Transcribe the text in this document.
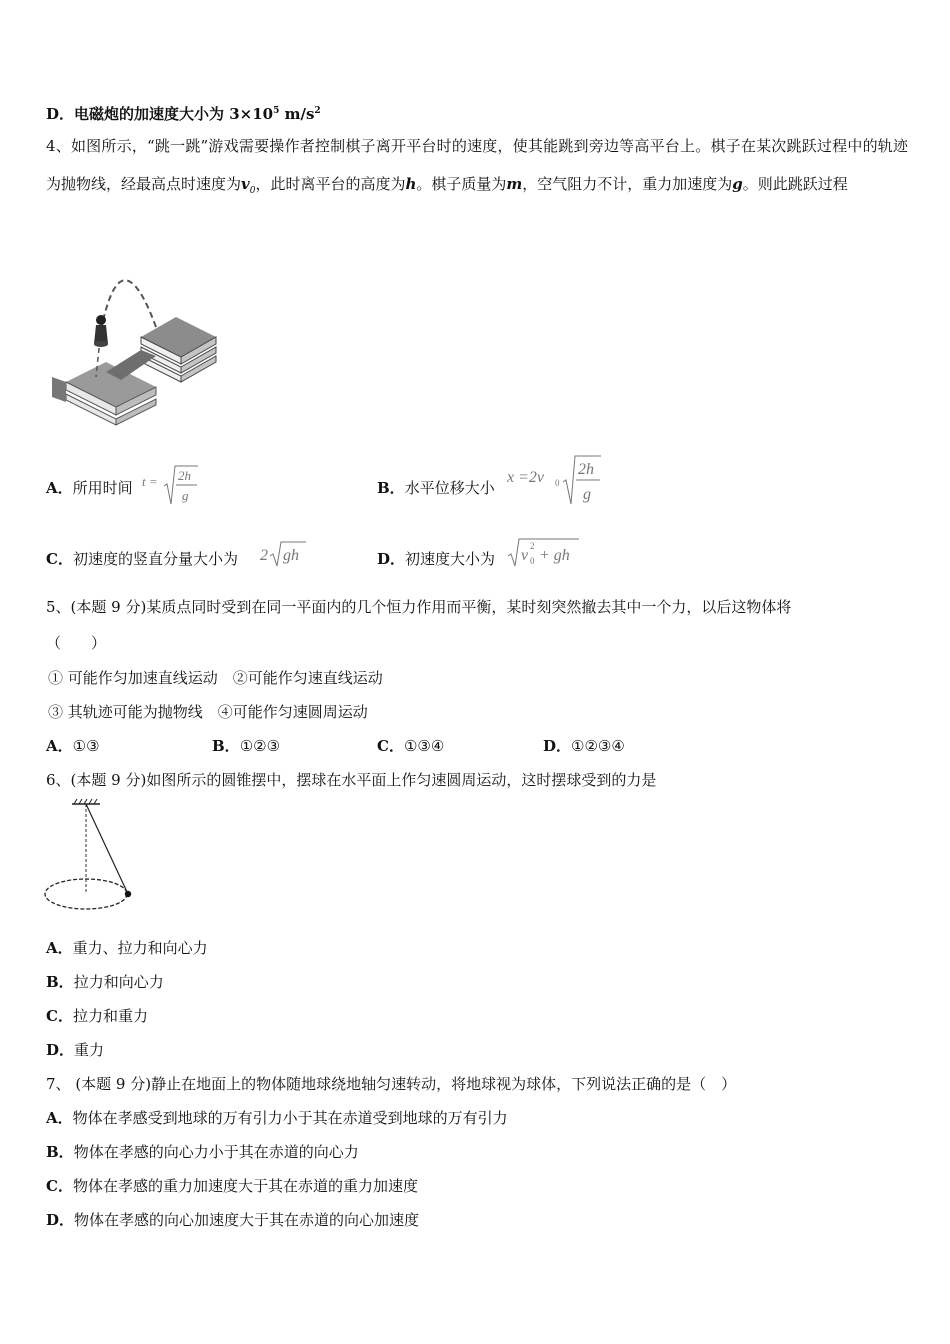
D．电磁炮的加速度大小为 $3\times 10^5$ $m/s^2$
4、如图所示，“跳一跳”游戏需要操作者控制棋子离开平台时的速度，使其能跳到旁边等高平台上。棋子在某次跳跃过程中的轨迹为抛物线，经最高点时速度为$v_0$，此时离平台的高度为h。棋子质量为m，空气阻力不计，重力加速度为g。则此跳跃过程
A．所用时间 t = 2h
g	B．水平位移大小
x =2v 0
2h
g
C．初速度的竖直分量大小为 2 gh	D．初速度大小为 v
2
0 + gh
5、(本题 9 分)某质点同时受到在同一平面内的几个恒力作用而平衡，某时刻突然撤去其中一个力，以后这物体将
（　　）
① 可能作匀加速直线运动　②可能作匀速直线运动
③ 其轨迹可能为抛物线　④可能作匀速圆周运动
A．①③	B．①②③	C．①③④	D．①②③④
6、(本题 9 分)如图所示的圆锥摆中，摆球在水平面上作匀速圆周运动，这时摆球受到的力是
A．重力、拉力和向心力
B．拉力和向心力
C．拉力和重力
D．重力
7、 (本题 9 分)静止在地面上的物体随地球绕地轴匀速转动，将地球视为球体，下列说法正确的是（　）
A．物体在孝感受到地球的万有引力小于其在赤道受到地球的万有引力
B．物体在孝感的向心力小于其在赤道的向心力
C．物体在孝感的重力加速度大于其在赤道的重力加速度
D．物体在孝感的向心加速度大于其在赤道的向心加速度
